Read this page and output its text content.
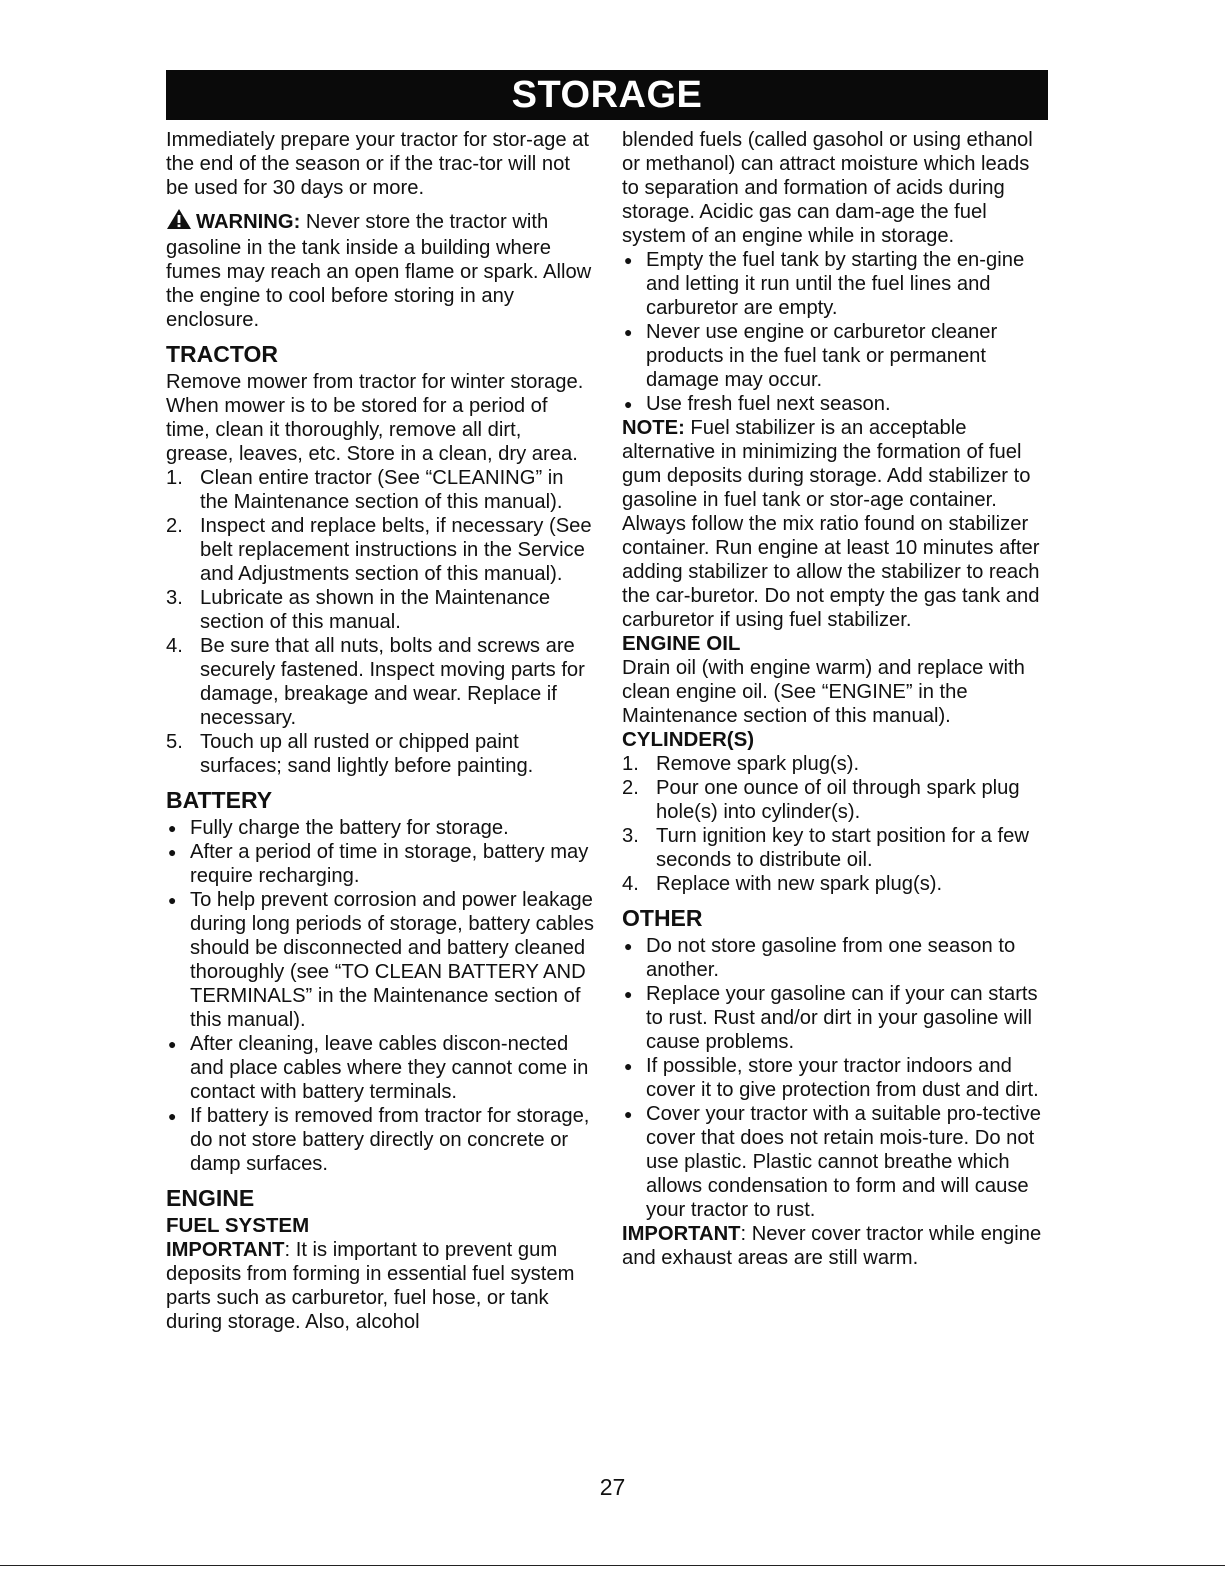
STORAGE

Immediately prepare your tractor for stor-age at the end of the season or if the trac-tor will not be used for 30 days or more.

WARNING: Never store the tractor with gasoline in the tank inside a building where fumes may reach an open flame or spark. Allow the engine to cool before storing in any enclosure.

TRACTOR

Remove mower from tractor for winter storage. When mower is to be stored for a period of time, clean it thoroughly, remove all dirt, grease, leaves, etc. Store in a clean, dry area.

1. Clean entire tractor (See “CLEANING” in the Maintenance section of this manual).
2. Inspect and replace belts, if necessary (See belt replacement instructions in the Service and Adjustments section of this manual).
3. Lubricate as shown in the Maintenance section of this manual.
4. Be sure that all nuts, bolts and screws are securely fastened. Inspect moving parts for damage, breakage and wear. Replace if necessary.
5. Touch up all rusted or chipped paint surfaces; sand lightly before painting.
BATTERY
● Fully charge the battery for storage.
● After a period of time in storage, battery may require recharging.
● To help prevent corrosion and power leakage during long periods of storage, battery cables should be disconnected and battery cleaned thoroughly (see “TO CLEAN BATTERY AND TERMINALS” in the Maintenance section of this manual).
● After cleaning, leave cables discon-nected and place cables where they cannot come in contact with battery terminals.
● If battery is removed from tractor for storage, do not store battery directly on concrete or damp surfaces.
ENGINE
FUEL SYSTEM

IMPORTANT: It is important to prevent gum deposits from forming in essential fuel system parts such as carburetor, fuel hose, or tank during storage. Also, alcohol

blended fuels (called gasohol or using ethanol or methanol) can attract moisture which leads to separation and formation of acids during storage. Acidic gas can dam-age the fuel system of an engine while in storage.

● Empty the fuel tank by starting the en-gine and letting it run until the fuel lines and carburetor are empty.
● Never use engine or carburetor cleaner products in the fuel tank or permanent damage may occur.
● Use fresh fuel next season.

NOTE: Fuel stabilizer is an acceptable alternative in minimizing the formation of fuel gum deposits during storage. Add stabilizer to gasoline in fuel tank or stor-age container. Always follow the mix ratio found on stabilizer container. Run engine at least 10 minutes after adding stabilizer to allow the stabilizer to reach the car-buretor. Do not empty the gas tank and carburetor if using fuel stabilizer.

ENGINE OIL

Drain oil (with engine warm) and replace with clean engine oil. (See “ENGINE” in the Maintenance section of this manual).

CYLINDER(S)
1. Remove spark plug(s).
2. Pour one ounce of oil through spark plug hole(s) into cylinder(s).
3. Turn ignition key to start position for a few seconds to distribute oil.
4. Replace with new spark plug(s).
OTHER
● Do not store gasoline from one season to another.
● Replace your gasoline can if your can starts to rust. Rust and/or dirt in your gasoline will cause problems.
● If possible, store your tractor indoors and cover it to give protection from dust and dirt.
● Cover your tractor with a suitable pro-tective cover that does not retain mois-ture. Do not use plastic. Plastic cannot breathe which allows condensation to form and will cause your tractor to rust.

IMPORTANT: Never cover tractor while engine and exhaust areas are still warm.

27
